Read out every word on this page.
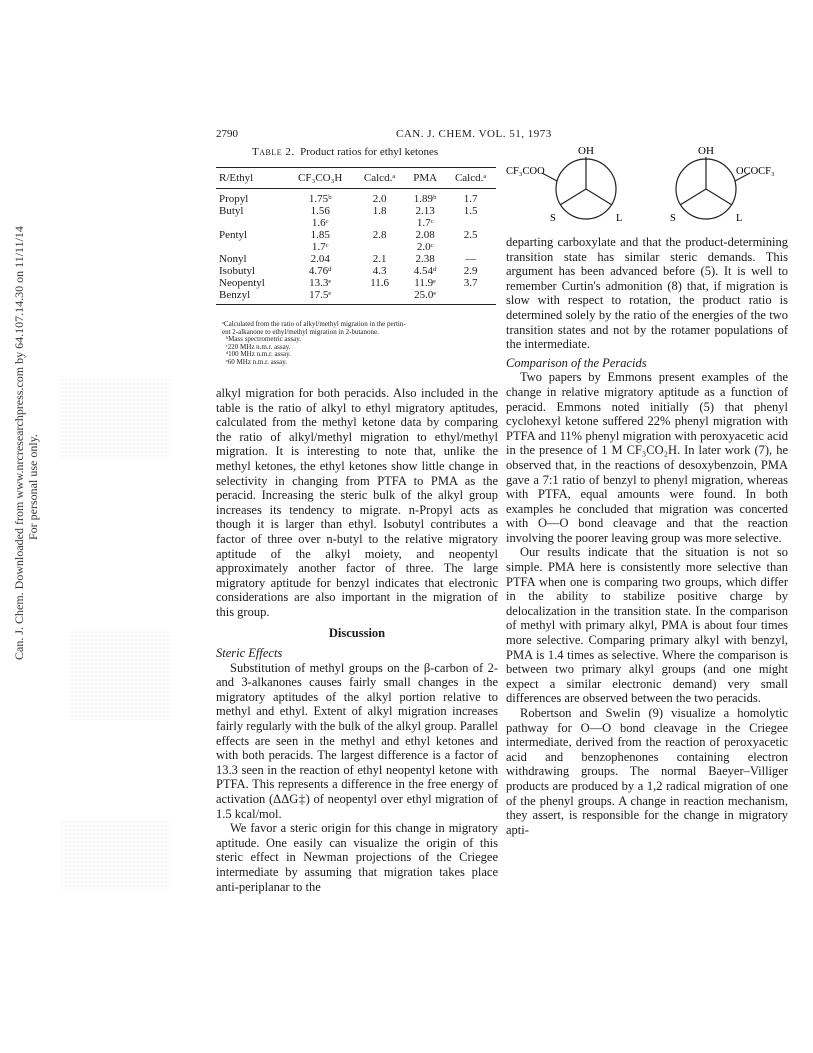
Can. J. Chem. Downloaded from www.nrcresearchpress.com by 64.107.14.30 on 11/11/14 For personal use only.
2790	CAN. J. CHEM. VOL. 51, 1973
Table 2. Product ratios for ethyl ketones
R/Ethyl	CF₃CO₃H	Calcd.ᵃ	PMA	Calcd.ᵃ

Propyl	1.75ᵇ	2.0	1.89ᵇ	1.7
Butyl	1.56	1.8	2.13	1.5
	1.6ᶜ		1.7ᶜ	
Pentyl	1.85	2.8	2.08	2.5
	1.7ᶜ		2.0ᶜ	
Nonyl	2.04	2.1	2.38	—
Isobutyl	4.76ᵈ	4.3	4.54ᵈ	2.9
Neopentyl	13.3ᵉ	11.6	11.9ᵉ	3.7
Benzyl	17.5ᵉ		25.0ᵉ	
ᵃCalculated from the ratio of alkyl/methyl migration in the pertin-
ent 2-alkanone to ethyl/methyl migration in 2-butanone.
ᵇMass spectrometric assay.
ᶜ220 MHz n.m.r. assay.
ᵈ100 MHz n.m.r. assay.
ᵉ60 MHz n.m.r. assay.
OH
CF₃COO
S	L
OH
OCOCF₃
S	L

alkyl migration for both peracids. Also included in the table is the ratio of alkyl to ethyl migratory aptitudes, calculated from the methyl ketone data by comparing the ratio of alkyl/methyl migration to ethyl/methyl migration. It is interesting to note that, unlike the methyl ketones, the ethyl ketones show little change in selectivity in changing from PTFA to PMA as the peracid. Increasing the steric bulk of the alkyl group increases its tendency to migrate. n-Propyl acts as though it is larger than ethyl. Isobutyl contributes a factor of three over n-butyl to the relative migratory aptitude of the alkyl moiety, and neopentyl approximately another factor of three. The large migratory aptitude for benzyl indicates that electronic considerations are also important in the migration of this group.

Discussion

Steric Effects

Substitution of methyl groups on the β-carbon of 2- and 3-alkanones causes fairly small changes in the migratory aptitudes of the alkyl portion relative to methyl and ethyl. Extent of alkyl migration increases fairly regularly with the bulk of the alkyl group. Parallel effects are seen in the methyl and ethyl ketones and with both peracids. The largest difference is a factor of 13.3 seen in the reaction of ethyl neopentyl ketone with PTFA. This represents a difference in the free energy of activation (ΔΔG‡) of neopentyl over ethyl migration of 1.5 kcal/mol.

We favor a steric origin for this change in migratory aptitude. One easily can visualize the origin of this steric effect in Newman projections of the Criegee intermediate by assuming that migration takes place anti-periplanar to the

departing carboxylate and that the product-determining transition state has similar steric demands. This argument has been advanced before (5). It is well to remember Curtin's admonition (8) that, if migration is slow with respect to rotation, the product ratio is determined solely by the ratio of the energies of the two transition states and not by the rotamer populations of the intermediate.

Comparison of the Peracids

Two papers by Emmons present examples of the change in relative migratory aptitude as a function of peracid. Emmons noted initially (5) that phenyl cyclohexyl ketone suffered 22% phenyl migration with PTFA and 11% phenyl migration with peroxyacetic acid in the presence of 1 M CF₃CO₂H. In later work (7), he observed that, in the reactions of desoxybenzoin, PMA gave a 7:1 ratio of benzyl to phenyl migration, whereas with PTFA, equal amounts were found. In both examples he concluded that migration was concerted with O—O bond cleavage and that the reaction involving the poorer leaving group was more selective.

Our results indicate that the situation is not so simple. PMA here is consistently more selective than PTFA when one is comparing two groups, which differ in the ability to stabilize positive charge by delocalization in the transition state. In the comparison of methyl with primary alkyl, PMA is about four times more selective. Comparing primary alkyl with benzyl, PMA is 1.4 times as selective. Where the comparison is between two primary alkyl groups (and one might expect a similar electronic demand) very small differences are observed between the two peracids.

Robertson and Swelin (9) visualize a homolytic pathway for O—O bond cleavage in the Criegee intermediate, derived from the reaction of peroxyacetic acid and benzophenones containing electron withdrawing groups. The normal Baeyer–Villiger products are produced by a 1,2 radical migration of one of the phenyl groups. A change in reaction mechanism, they assert, is responsible for the change in migratory apti-
